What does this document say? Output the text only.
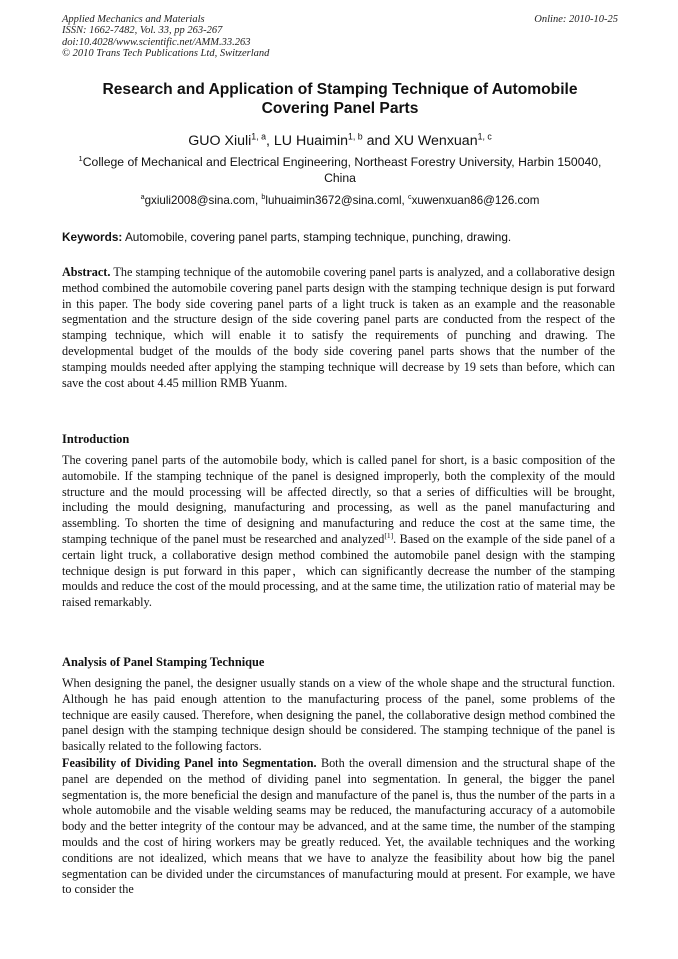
Applied Mechanics and Materials
ISSN: 1662-7482, Vol. 33, pp 263-267
doi:10.4028/www.scientific.net/AMM.33.263
© 2010 Trans Tech Publications Ltd, Switzerland
Online: 2010-10-25
Research and Application of Stamping Technique of Automobile
Covering Panel Parts
GUO Xiuli$^{1, a}$, LU Huaimin$^{1, b}$ and XU Wenxuan$^{1, c}$
$^1$College of Mechanical and Electrical Engineering, Northeast Forestry University, Harbin 150040, China
$^a$gxiuli2008@sina.com, $^b$luhuaimin3672@sina.coml, $^c$xuwenxuan86@126.com
Keywords: Automobile, covering panel parts, stamping technique, punching, drawing.
Abstract. The stamping technique of the automobile covering panel parts is analyzed, and a collaborative design method combined the automobile covering panel parts design with the stamping technique design is put forward in this paper. The body side covering panel parts of a light truck is taken as an example and the reasonable segmentation and the structure design of the side covering panel parts are conducted from the respect of the stamping technique, which will enable it to satisfy the requirements of punching and drawing. The developmental budget of the moulds of the body side covering panel parts shows that the number of the stamping moulds needed after applying the stamping technique will decrease by 19 sets than before, which can save the cost about 4.45 million RMB Yuanm.
Introduction
The covering panel parts of the automobile body, which is called panel for short, is a basic composition of the automobile. If the stamping technique of the panel is designed improperly, both the complexity of the mould structure and the mould processing will be affected directly, so that a series of difficulties will be brought, including the mould designing, manufacturing and processing, as well as the panel manufacturing and assembling. To shorten the time of designing and manufacturing and reduce the cost at the same time, the stamping technique of the panel must be researched and analyzed[1]. Based on the example of the side panel of a certain light truck, a collaborative design method combined the automobile panel design with the stamping technique design is put forward in this paper，which can significantly decrease the number of the stamping moulds and reduce the cost of the mould processing, and at the same time, the utilization ratio of material may be raised remarkably.
Analysis of Panel Stamping Technique
When designing the panel, the designer usually stands on a view of the whole shape and the structural function. Although he has paid enough attention to the manufacturing process of the panel, some problems of the technique are easily caused. Therefore, when designing the panel, the collaborative design method combined the panel design with the stamping technique design should be considered. The stamping technique of the panel is basically related to the following factors.
Feasibility of Dividing Panel into Segmentation. Both the overall dimension and the structural shape of the panel are depended on the method of dividing panel into segmentation. In general, the bigger the panel segmentation is, the more beneficial the design and manufacture of the panel is, thus the number of the parts in a whole automobile and the visable welding seams may be reduced, the manufacturing accuracy of a automobile body and the better integrity of the contour may be advanced, and at the same time, the number of the stamping moulds and the cost of hiring workers may be greatly reduced. Yet, the available techniques and the working conditions are not idealized, which means that we have to analyze the feasibility about how big the panel segmentation can be divided under the circumstances of manufacturing mould at present. For example, we have to consider the
